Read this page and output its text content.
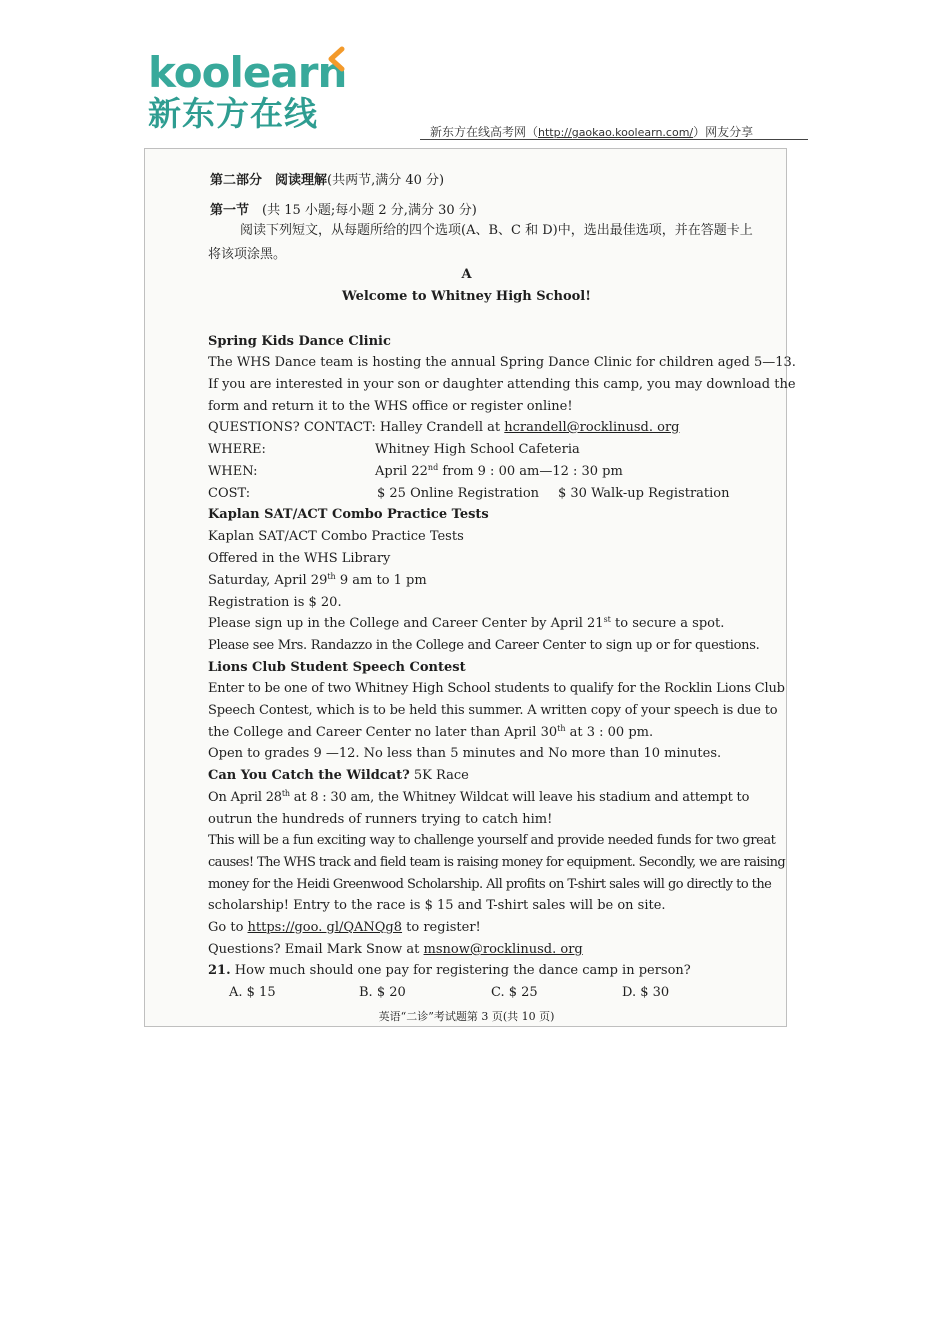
koolearn
新东方在线	新东方在线高考网（http://gaokao.koolearn.com/）网友分享
第二部分　阅读理解(共两节,满分 40 分)
第一节　(共 15 小题;每小题 2 分,满分 30 分)
阅读下列短文，从每题所给的四个选项(A、B、C 和 D)中，选出最佳选项，并在答题卡上
将该项涂黑。
A
Welcome to Whitney High School!
Spring Kids Dance Clinic
The WHS Dance team is hosting the annual Spring Dance Clinic for children aged 5—13.
If you are interested in your son or daughter attending this camp, you may download the
form and return it to the WHS office or register online!
QUESTIONS? CONTACT: Halley Crandell at hcrandell@rocklinusd. org
WHERE:	Whitney High School Cafeteria
WHEN:	April 22nd from 9 : 00 am—12 : 30 pm
COST:	$ 25 Online Registration $ 30 Walk-up Registration
Kaplan SAT/ACT Combo Practice Tests
Kaplan SAT/ACT Combo Practice Tests
Offered in the WHS Library
Saturday, April 29th 9 am to 1 pm
Registration is $ 20.
Please sign up in the College and Career Center by April 21st to secure a spot.
Please see Mrs. Randazzo in the College and Career Center to sign up or for questions.
Lions Club Student Speech Contest
Enter to be one of two Whitney High School students to qualify for the Rocklin Lions Club
Speech Contest, which is to be held this summer. A written copy of your speech is due to
the College and Career Center no later than April 30th at 3 : 00 pm.
Open to grades 9 —12. No less than 5 minutes and No more than 10 minutes.
Can You Catch the Wildcat? 5K Race
On April 28th at 8 : 30 am, the Whitney Wildcat will leave his stadium and attempt to
outrun the hundreds of runners trying to catch him!
This will be a fun exciting way to challenge yourself and provide needed funds for two great
causes! The WHS track and field team is raising money for equipment. Secondly, we are raising
money for the Heidi Greenwood Scholarship. All profits on T-shirt sales will go directly to the
scholarship! Entry to the race is $ 15 and T-shirt sales will be on site.
Go to https://goo. gl/QANQg8 to register!
Questions? Email Mark Snow at msnow@rocklinusd. org
21. How much should one pay for registering the dance camp in person?
A. $ 15	B. $ 20	C. $ 25	D. $ 30
英语“二诊”考试题第 3 页(共 10 页)
